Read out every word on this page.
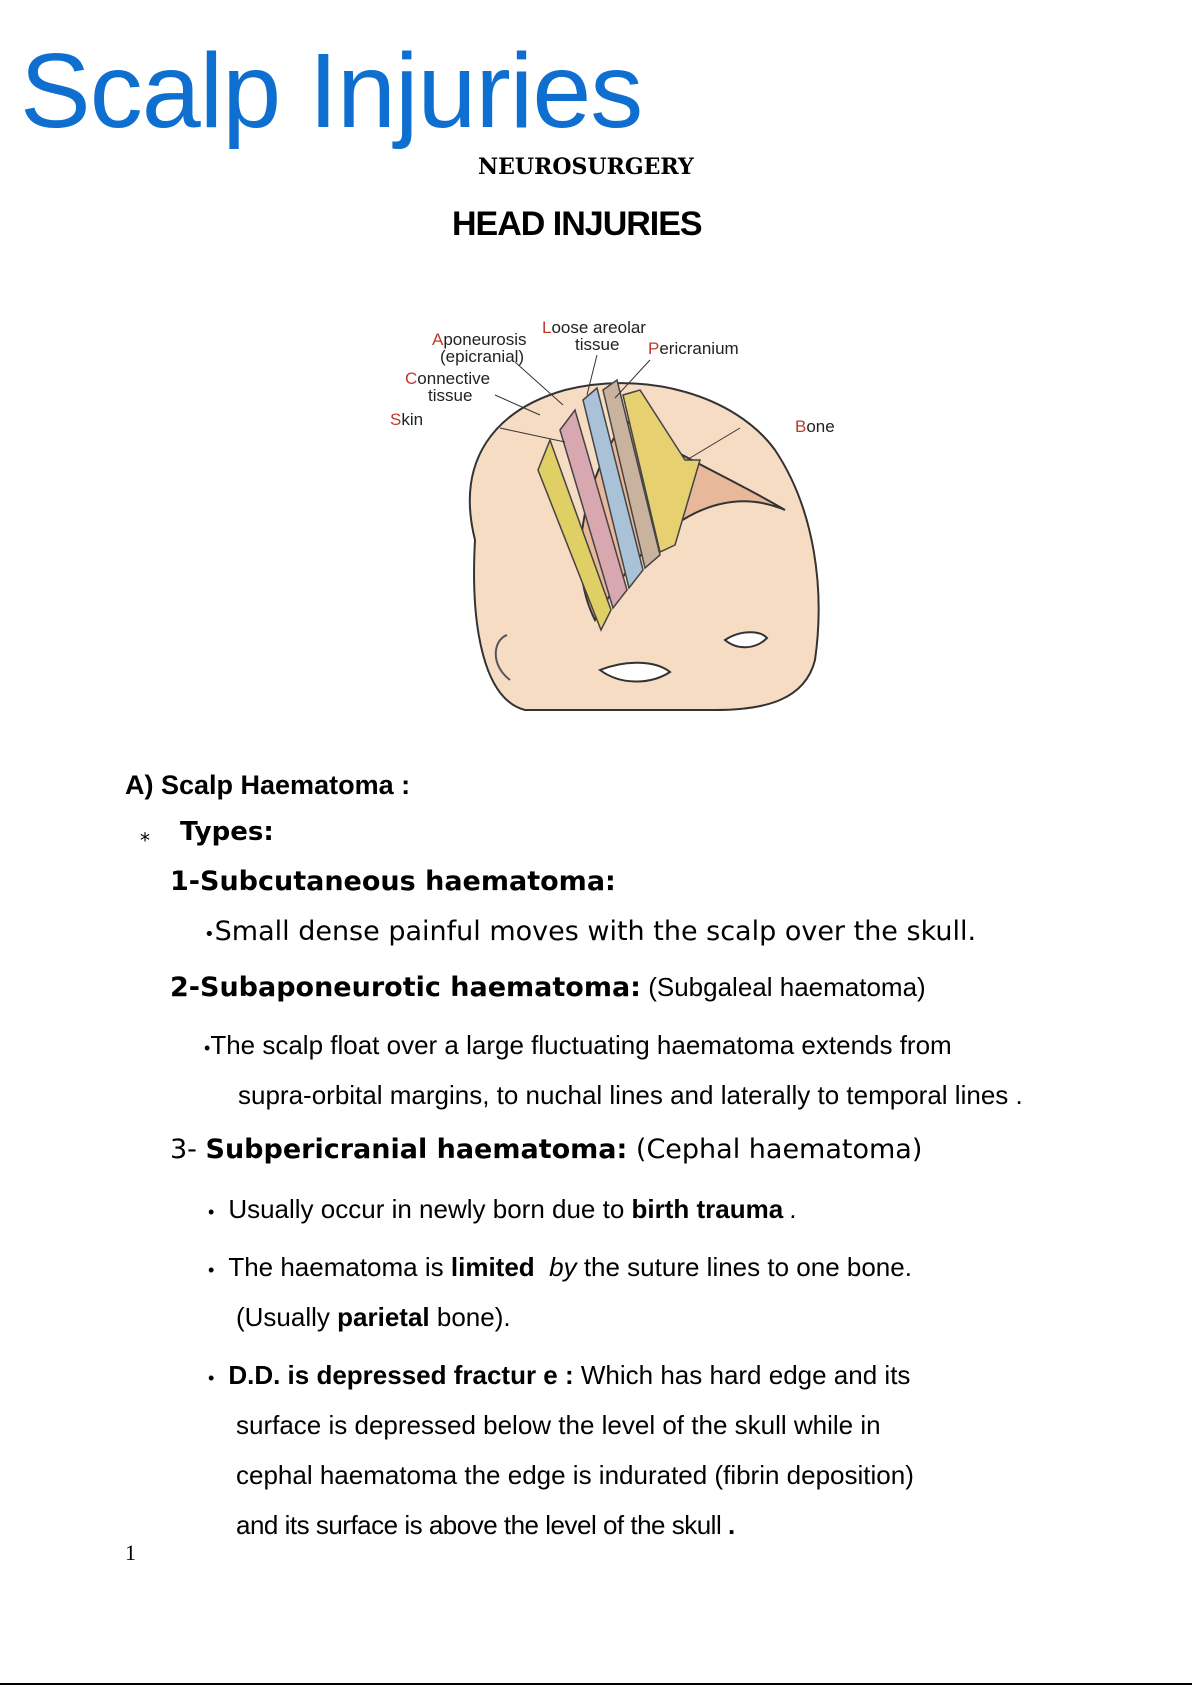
Scalp Injuries
NEUROSURGERY
HEAD INJURIES
Aponeurosis
(epicranial)
Loose areolar
tissue Pericranium
Connective
tissue
Skin	Bone
A) Scalp Haematoma :
⁎ Types:
1-Subcutaneous haematoma:
•Small dense painful moves with the scalp over the skull.
2-Subaponeurotic haematoma: (Subgaleal haematoma)
•The scalp float over a large fluctuating haematoma extends from
supra-orbital margins, to nuchal lines and laterally to temporal lines .
3- Subpericranial haematoma: (Cephal haematoma)
• Usually occur in newly born due to birth trauma .
• The haematoma is limited by the suture lines to one bone.
(Usually parietal bone).
• D.D. is depressed fractur e : Which has hard edge and its
surface is depressed below the level of the skull while in
cephal haematoma the edge is indurated (fibrin deposition)
and its surface is above the level of the skull .
1
